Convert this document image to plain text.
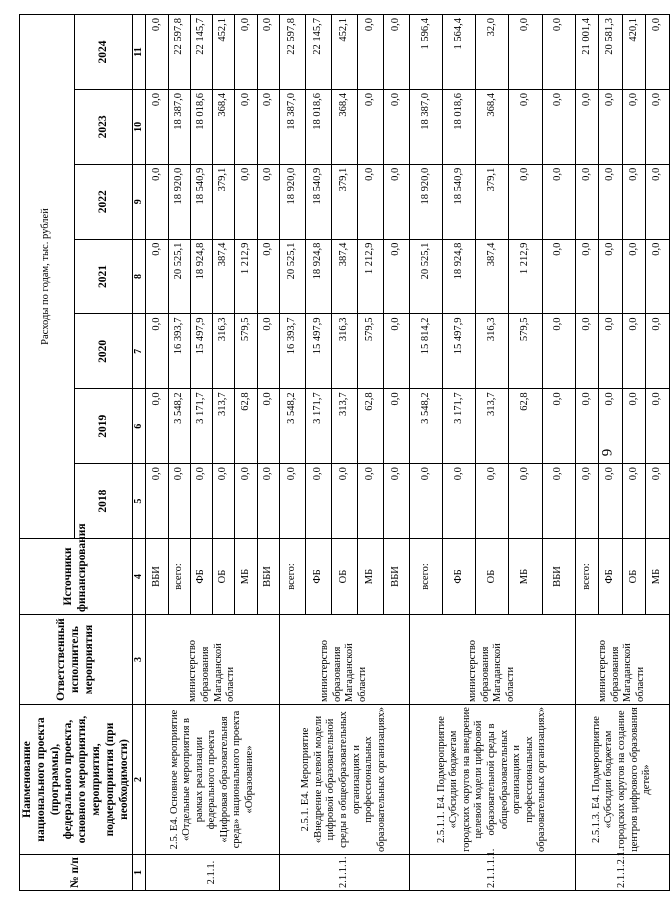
6
№ п/п	Наименование национального проекта (программы), федерального проекта, основного мероприятия, мероприятия, подмероприятия (при необходимости)	Ответственный исполнитель мероприятия	Источники финансирования	Расходы по годам, тыс. рублей						
				2018	2019	2020	2021	2022	2023	2024
1	2	3	4	5	6	7	8	9	10	11
2.1.1.	2.5. Е4. Основное мероприятие «Отдельные мероприятия в рамках реализации федерального проекта «Цифровая образовательная среда» национального проекта «Образование»	министерство образования Магаданской области	ВБИ	0,0	0,0	0,0	0,0	0,0	0,0	0,0
			всего:	0,0	3 548,2	16 393,7	20 525,1	18 920,0	18 387,0	22 597,8
			ФБ	0,0	3 171,7	15 497,9	18 924,8	18 540,9	18 018,6	22 145,7
			ОБ	0,0	313,7	316,3	387,4	379,1	368,4	452,1
			МБ	0,0	62,8	579,5	1 212,9	0,0	0,0	0,0
			ВБИ	0,0	0,0	0,0	0,0	0,0	0,0	0,0
2.1.1.1.	2.5.1. Е4. Мероприятие «Внедрение целевой модели цифровой образовательной среды в общеобразовательных организациях и профессиональных образовательных организациях»	министерство образования Магаданской области	всего:	0,0	3 548,2	16 393,7	20 525,1	18 920,0	18 387,0	22 597,8
			ФБ	0,0	3 171,7	15 497,9	18 924,8	18 540,9	18 018,6	22 145,7
			ОБ	0,0	313,7	316,3	387,4	379,1	368,4	452,1
			МБ	0,0	62,8	579,5	1 212,9	0,0	0,0	0,0
			ВБИ	0,0	0,0	0,0	0,0	0,0	0,0	0,0
2.1.1.1.1.	2.5.1.1. Е4. Подмероприятие «Субсидии бюджетам городских округов на внедрение целевой модели цифровой образовательной среды в общеобразовательных организациях и профессиональных образовательных организациях»	министерство образования Магаданской области	всего:	0,0	3 548,2	15 814,2	20 525,1	18 920,0	18 387,0	1 596,4
			ФБ	0,0	3 171,7	15 497,9	18 924,8	18 540,9	18 018,6	1 564,4
			ОБ	0,0	313,7	316,3	387,4	379,1	368,4	32,0
			МБ	0,0	62,8	579,5	1 212,9	0,0	0,0	0,0
			ВБИ	0,0	0,0	0,0	0,0	0,0	0,0	0,0
2.1.1.2.1.	2.5.1.3. Е4. Подмероприятие «Субсидии бюджетам городских округов на создание центров цифрового образования детей»	министерство образования Магаданской области	всего:	0,0	0,0	0,0	0,0	0,0	0,0	21 001,4
			ФБ	0,0	0,0	0,0	0,0	0,0	0,0	20 581,3
			ОБ	0,0	0,0	0,0	0,0	0,0	0,0	420,1
			МБ	0,0	0,0	0,0	0,0	0,0	0,0	0,0
